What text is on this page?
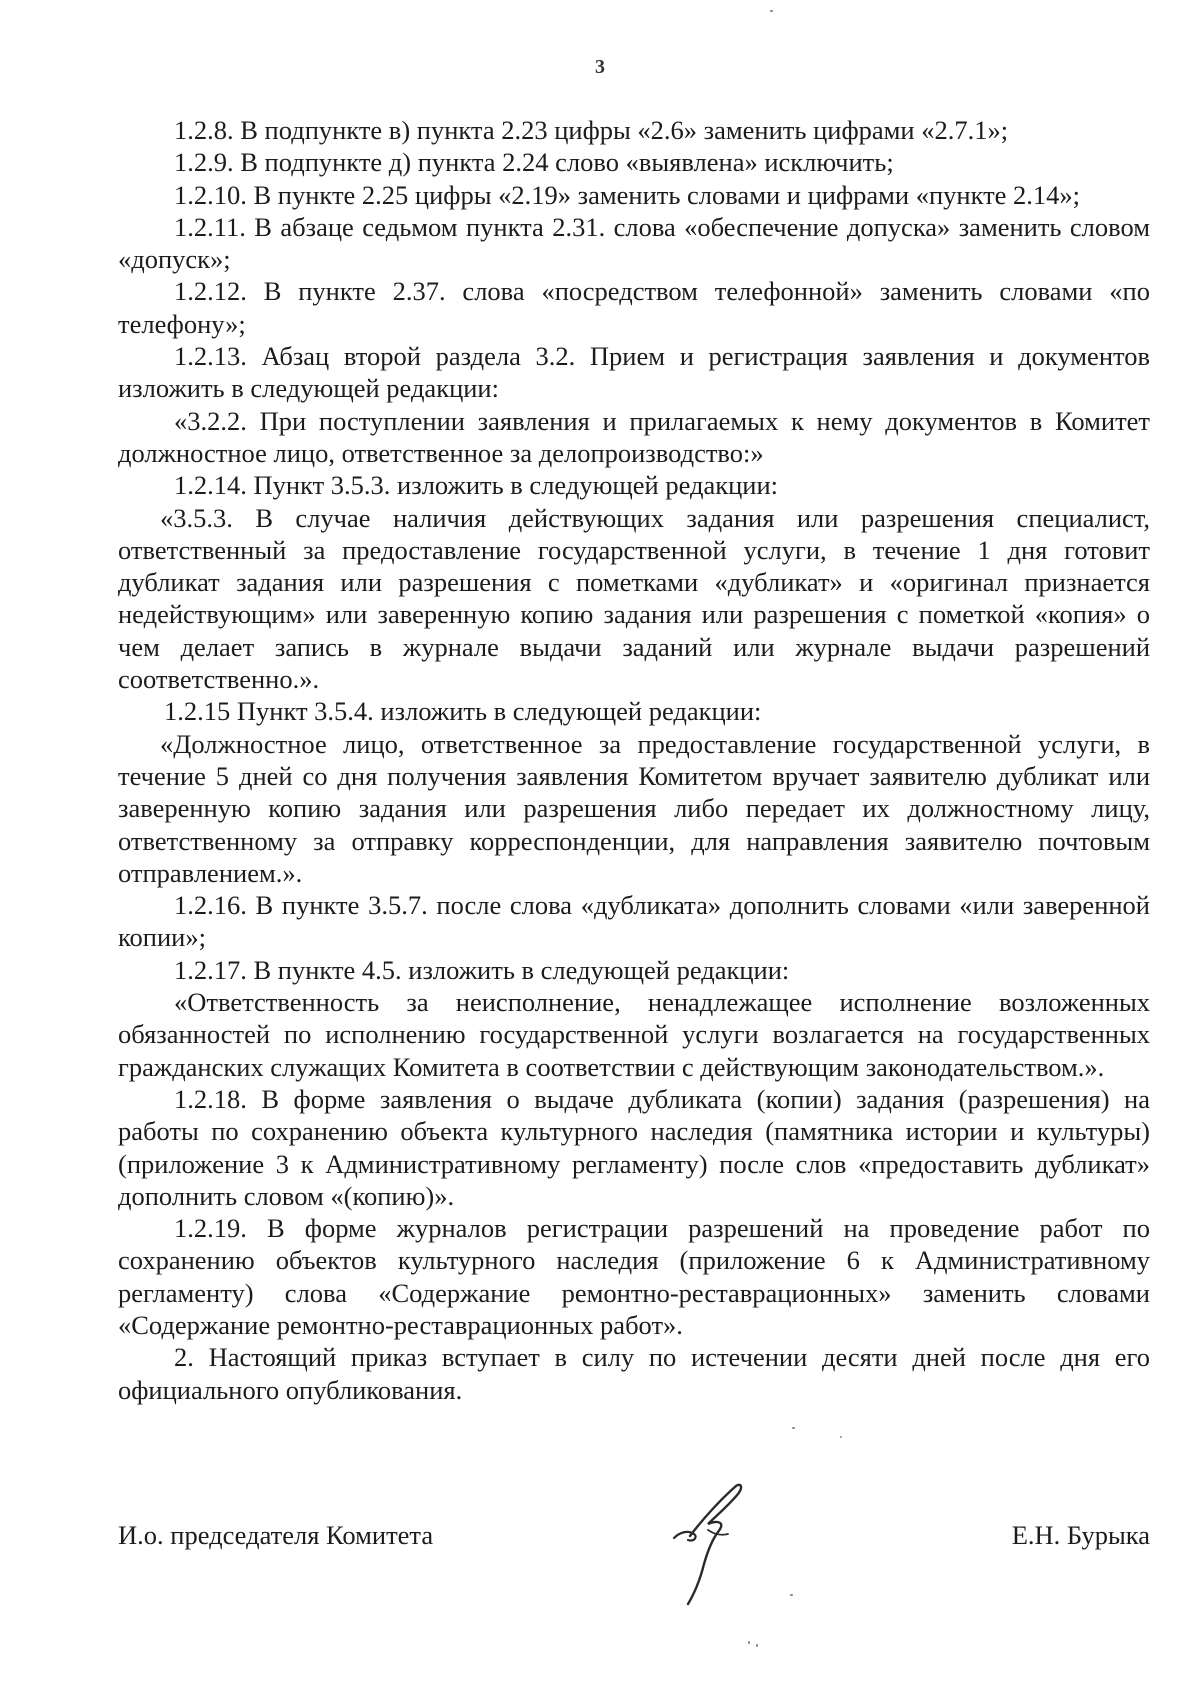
3

1.2.8. В подпункте в) пункта 2.23 цифры «2.6» заменить цифрами «2.7.1»;

1.2.9. В подпункте д) пункта 2.24 слово «выявлена» исключить;

1.2.10. В пункте 2.25 цифры «2.19» заменить словами и цифрами «пункте 2.14»;

1.2.11. В абзаце седьмом пункта 2.31. слова «обеспечение допуска» заменить словом «допуск»;

1.2.12. В пункте 2.37. слова «посредством телефонной» заменить словами «по телефону»;

1.2.13. Абзац второй раздела 3.2. Прием и регистрация заявления и документов изложить в следующей редакции:

«3.2.2. При поступлении заявления и прилагаемых к нему документов в Комитет должностное лицо, ответственное за делопроизводство:»

1.2.14. Пункт 3.5.3. изложить в следующей редакции:

«3.5.3. В случае наличия действующих задания или разрешения специалист, ответственный за предоставление государственной услуги, в течение 1 дня готовит дубликат задания или разрешения с пометками «дубликат» и «оригинал признается недействующим» или заверенную копию задания или разрешения с пометкой «копия» о чем делает запись в журнале выдачи заданий или журнале выдачи разрешений соответственно.».

1.2.15 Пункт 3.5.4. изложить в следующей редакции:

«Должностное лицо, ответственное за предоставление государственной услуги, в течение 5 дней со дня получения заявления Комитетом вручает заявителю дубликат или заверенную копию задания или разрешения либо передает их должностному лицу, ответственному за отправку корреспонденции, для направления заявителю почтовым отправлением.».

1.2.16. В пункте 3.5.7. после слова «дубликата» дополнить словами «или заверенной копии»;

1.2.17. В пункте 4.5. изложить в следующей редакции:

«Ответственность за неисполнение, ненадлежащее исполнение возложенных обязанностей по исполнению государственной услуги возлагается на государственных гражданских служащих Комитета в соответствии с действующим законодательством.».

1.2.18. В форме заявления о выдаче дубликата (копии) задания (разрешения) на работы по сохранению объекта культурного наследия (памятника истории и культуры) (приложение 3 к Административному регламенту) после слов «предоставить дубликат» дополнить словом «(копию)».

1.2.19. В форме журналов регистрации разрешений на проведение работ по сохранению объектов культурного наследия (приложение 6 к Административному регламенту) слова «Содержание ремонтно-реставрационных» заменить словами «Содержание ремонтно-реставрационных работ».

2. Настоящий приказ вступает в силу по истечении десяти дней после дня его официального опубликования.

И.о. председателя Комитета	Е.Н. Бурыка
